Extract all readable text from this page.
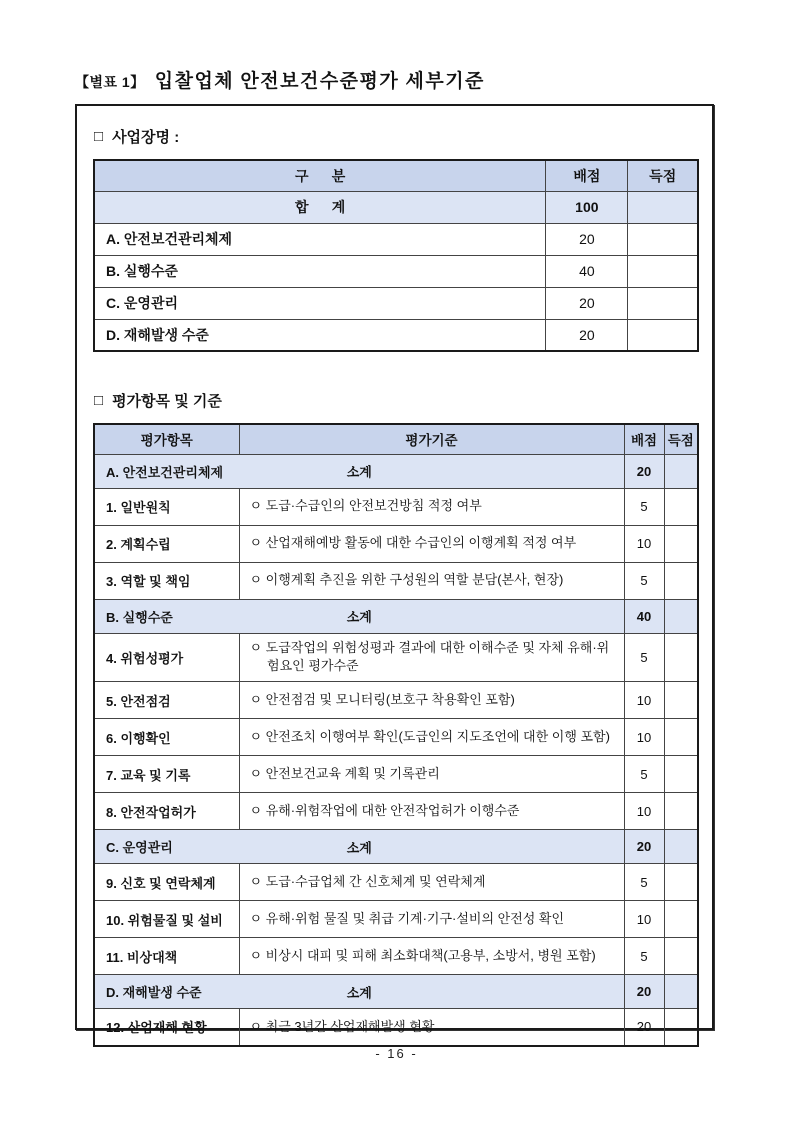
【별표 1】 입찰업체 안전보건수준평가 세부기준
□ 사업장명 :
구      분	배점	득점
합      계	100	
A. 안전보건관리체제	20	
B. 실행수준	40	
C. 운영관리	20	
D. 재해발생 수준	20	
□ 평가항목 및 기준
평가항목	평가기준	배점	득점
A. 안전보건관리체제 소계		20	
1. 일반원칙	ㅇ 도급·수급인의 안전보건방침 적정 여부	5	
2. 계획수립	ㅇ 산업재해예방 활동에 대한 수급인의 이행계획 적정 여부	10	
3. 역할 및 책임	ㅇ 이행계획 추진을 위한 구성원의 역할 분담(본사, 현장)	5	
B. 실행수준 소계		40	
4. 위험성평가	ㅇ 도급작업의 위험성평과 결과에 대한 이해수준 및 자체 유해·위험요인 평가수준	5	
5. 안전점검	ㅇ 안전점검 및 모니터링(보호구 착용확인 포함)	10	
6. 이행확인	ㅇ 안전조치 이행여부 확인(도급인의 지도조언에 대한 이행 포함)	10	
7. 교육 및 기록	ㅇ 안전보건교육 계획 및 기록관리	5	
8. 안전작업허가	ㅇ 유해·위험작업에 대한 안전작업허가 이행수준	10	
C. 운영관리 소계		20	
9. 신호 및 연락체계	ㅇ 도급·수급업체 간 신호체계 및 연락체계	5	
10. 위험물질 및 설비	ㅇ 유해·위험 물질 및 취급 기계·기구·설비의 안전성 확인	10	
11. 비상대책	ㅇ 비상시 대피 및 피해 최소화대책(고용부, 소방서, 병원 포함)	5	
D. 재해발생 수준 소계		20	
12. 산업재해 현황	ㅇ 최근 3년간 산업재해발생 현황	20	
- 16 -
